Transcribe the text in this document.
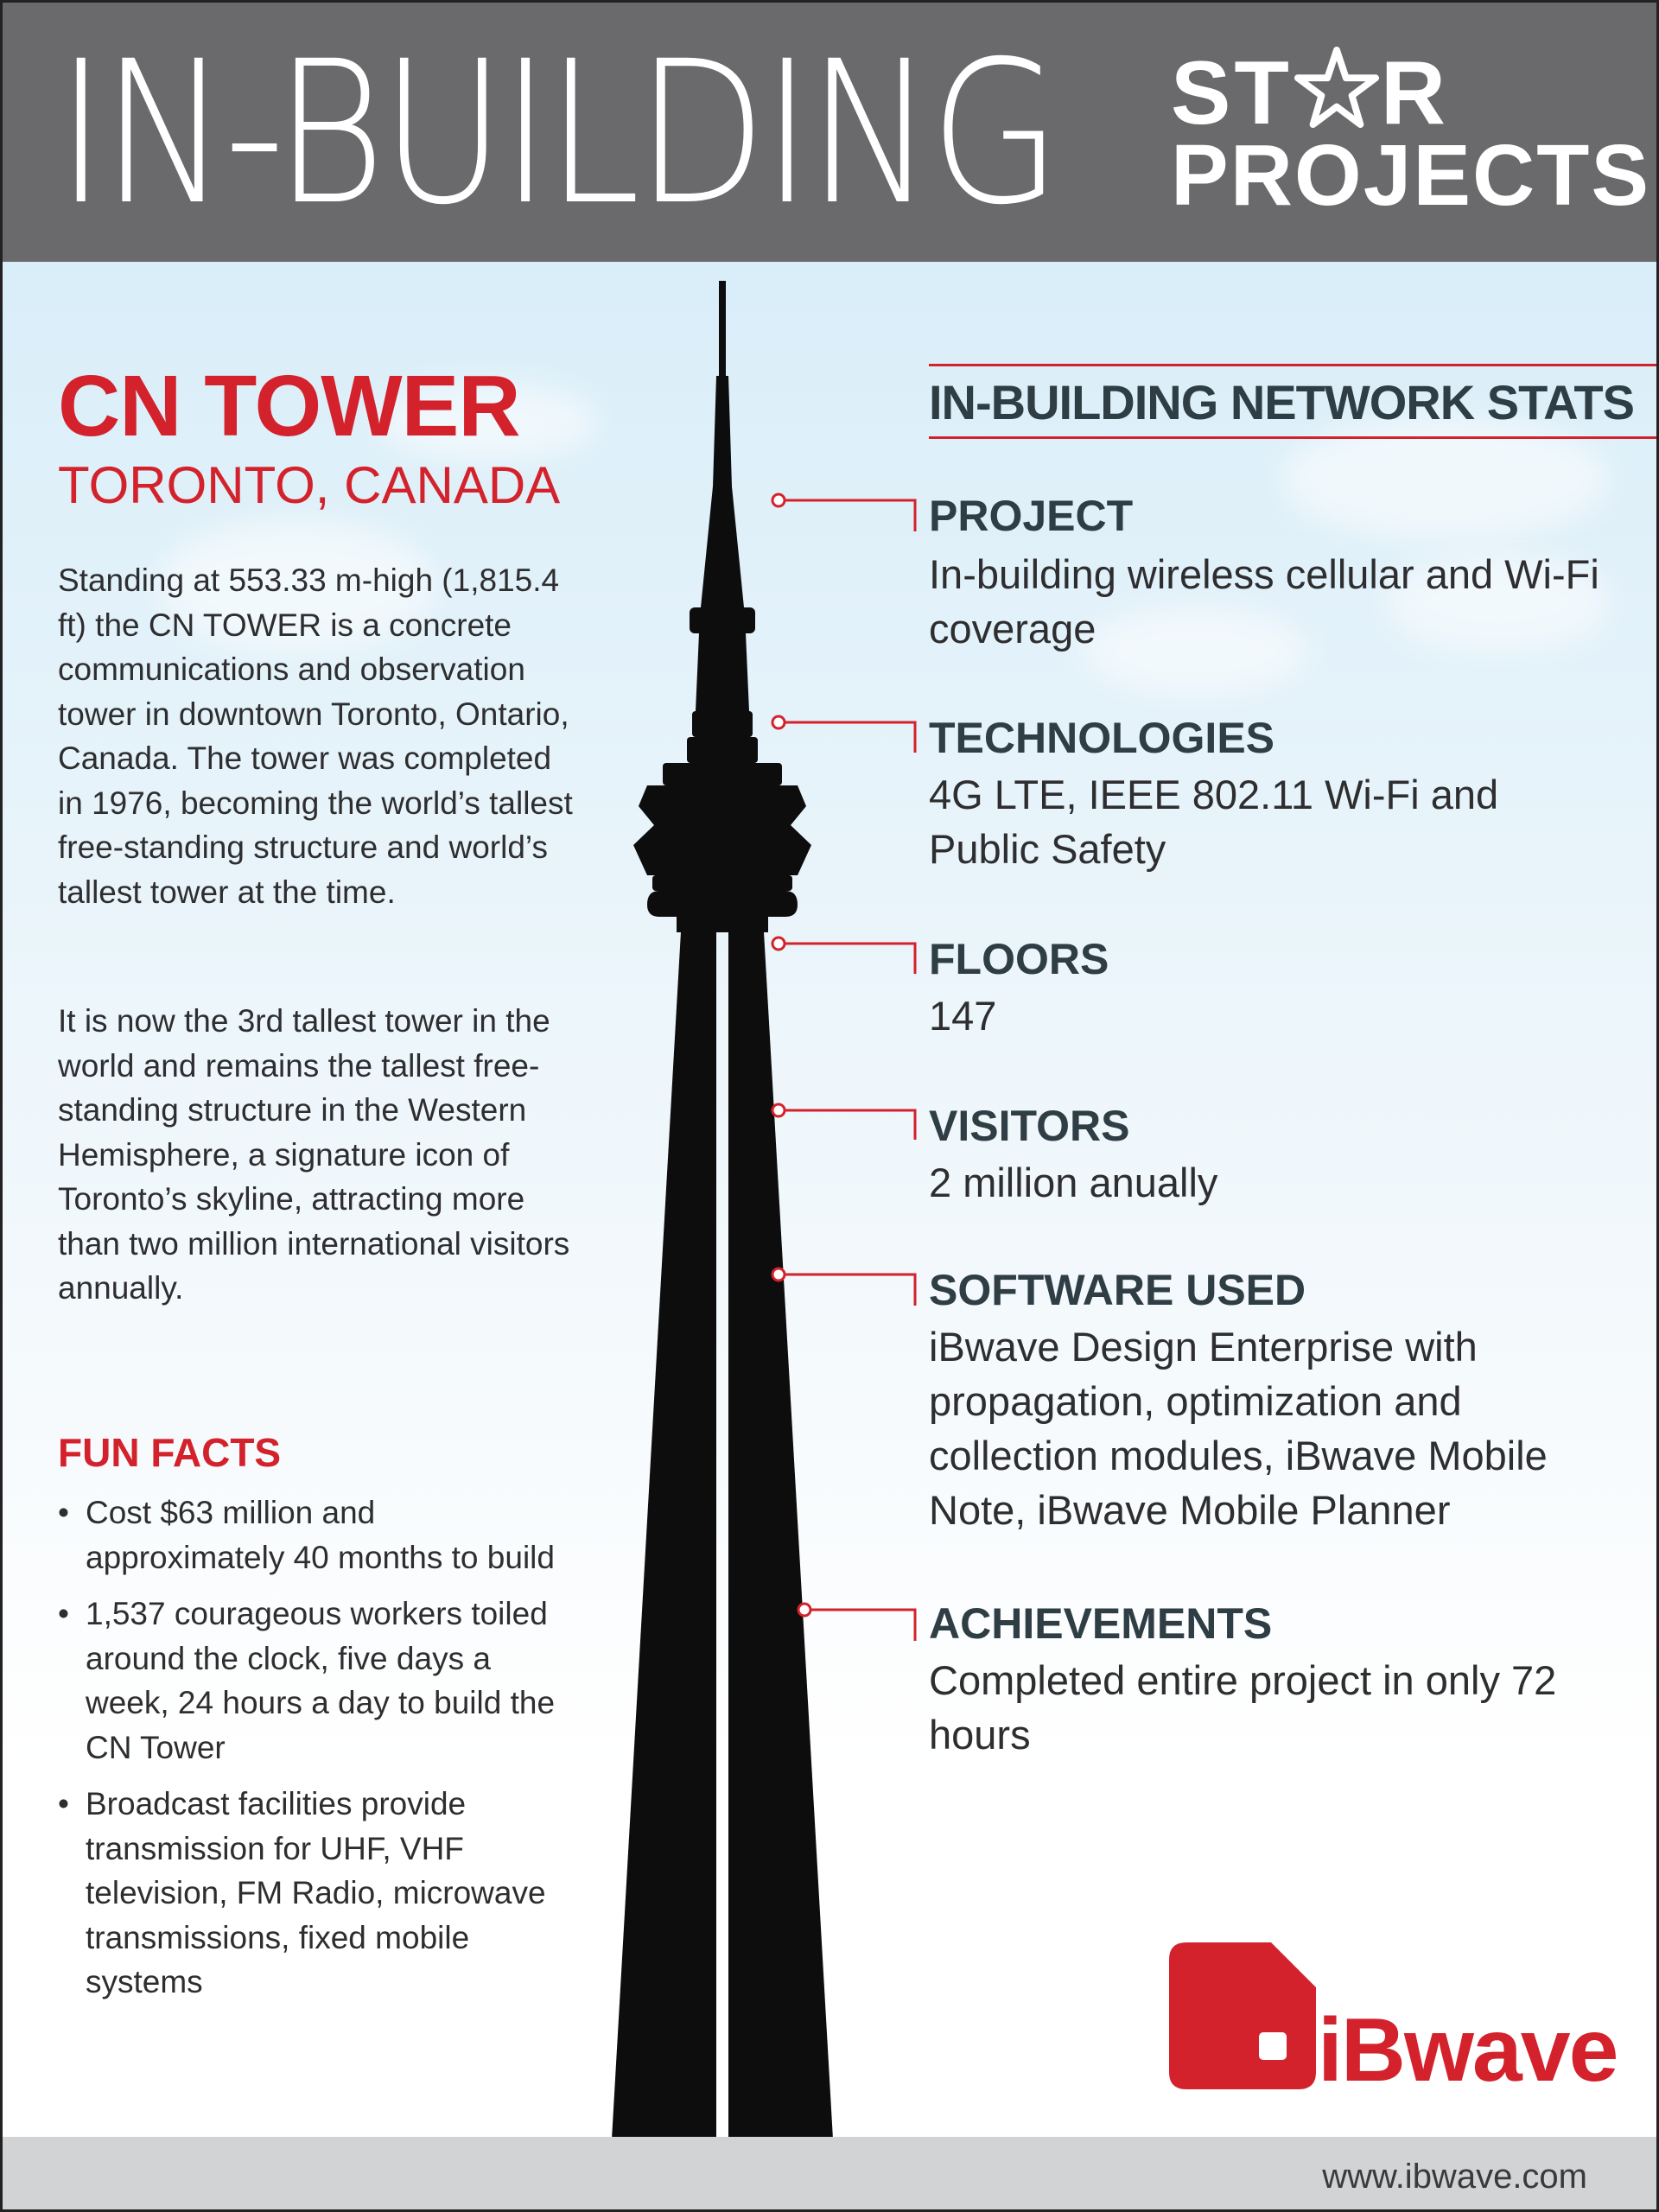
IN-BUILDING ST R
PROJECTS
CN TOWER
TORONTO, CANADA

Standing at 553.33 m-high (1,815.4 ft) the CN TOWER is a concrete communications and observation tower in downtown Toronto, Ontario, Canada. The tower was completed in 1976, becoming the world’s tallest free-standing structure and world’s tallest tower at the time.

It is now the 3rd tallest tower in the world and remains the tallest free-standing structure in the Western Hemisphere, a signature icon of Toronto’s skyline, attracting more than two million international visitors annually.

FUN FACTS
• Cost $63 million and approximately 40 months to build
• 1,537 courageous workers toiled around the clock, five days a week, 24 hours a day to build the CN Tower
• Broadcast facilities provide transmission for UHF, VHF television, FM Radio, microwave transmissions, fixed mobile systems
IN-BUILDING NETWORK STATS
PROJECT

In-building wireless cellular and Wi-Fi coverage

TECHNOLOGIES

4G LTE, IEEE 802.11 Wi-Fi and Public Safety

FLOORS

147

VISITORS

2 million anually

SOFTWARE USED

iBwave Design Enterprise with propagation, optimization and collection modules, iBwave Mobile Note, iBwave Mobile Planner

ACHIEVEMENTS

Completed entire project in only 72 hours

iBwave
www.ibwave.com
